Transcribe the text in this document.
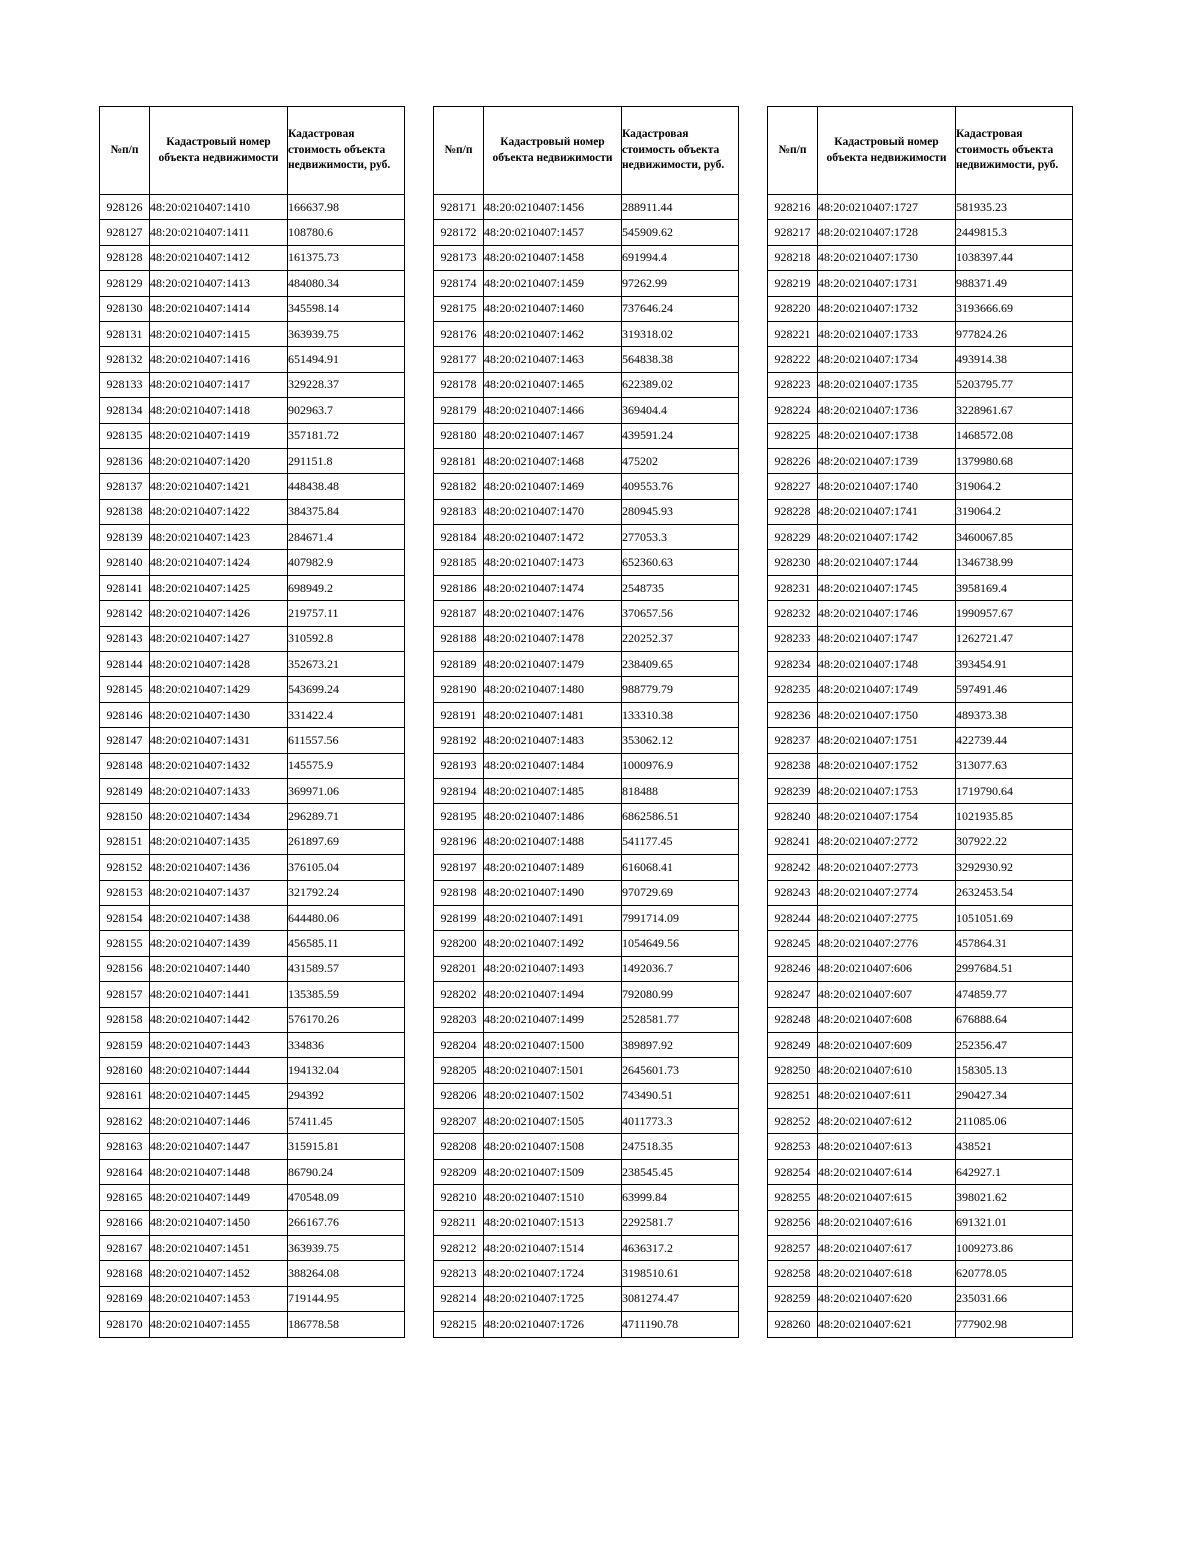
№п/п	Кадастровый номер объекта недвижимости	Кадастровая стоимость объекта недвижимости, руб.
928126	48:20:0210407:1410	166637.98
928127	48:20:0210407:1411	108780.6
928128	48:20:0210407:1412	161375.73
928129	48:20:0210407:1413	484080.34
928130	48:20:0210407:1414	345598.14
928131	48:20:0210407:1415	363939.75
928132	48:20:0210407:1416	651494.91
928133	48:20:0210407:1417	329228.37
928134	48:20:0210407:1418	902963.7
928135	48:20:0210407:1419	357181.72
928136	48:20:0210407:1420	291151.8
928137	48:20:0210407:1421	448438.48
928138	48:20:0210407:1422	384375.84
928139	48:20:0210407:1423	284671.4
928140	48:20:0210407:1424	407982.9
928141	48:20:0210407:1425	698949.2
928142	48:20:0210407:1426	219757.11
928143	48:20:0210407:1427	310592.8
928144	48:20:0210407:1428	352673.21
928145	48:20:0210407:1429	543699.24
928146	48:20:0210407:1430	331422.4
928147	48:20:0210407:1431	611557.56
928148	48:20:0210407:1432	145575.9
928149	48:20:0210407:1433	369971.06
928150	48:20:0210407:1434	296289.71
928151	48:20:0210407:1435	261897.69
928152	48:20:0210407:1436	376105.04
928153	48:20:0210407:1437	321792.24
928154	48:20:0210407:1438	644480.06
928155	48:20:0210407:1439	456585.11
928156	48:20:0210407:1440	431589.57
928157	48:20:0210407:1441	135385.59
928158	48:20:0210407:1442	576170.26
928159	48:20:0210407:1443	334836
928160	48:20:0210407:1444	194132.04
928161	48:20:0210407:1445	294392
928162	48:20:0210407:1446	57411.45
928163	48:20:0210407:1447	315915.81
928164	48:20:0210407:1448	86790.24
928165	48:20:0210407:1449	470548.09
928166	48:20:0210407:1450	266167.76
928167	48:20:0210407:1451	363939.75
928168	48:20:0210407:1452	388264.08
928169	48:20:0210407:1453	719144.95
928170	48:20:0210407:1455	186778.58
№п/п	Кадастровый номер объекта недвижимости	Кадастровая стоимость объекта недвижимости, руб.
928171	48:20:0210407:1456	288911.44
928172	48:20:0210407:1457	545909.62
928173	48:20:0210407:1458	691994.4
928174	48:20:0210407:1459	97262.99
928175	48:20:0210407:1460	737646.24
928176	48:20:0210407:1462	319318.02
928177	48:20:0210407:1463	564838.38
928178	48:20:0210407:1465	622389.02
928179	48:20:0210407:1466	369404.4
928180	48:20:0210407:1467	439591.24
928181	48:20:0210407:1468	475202
928182	48:20:0210407:1469	409553.76
928183	48:20:0210407:1470	280945.93
928184	48:20:0210407:1472	277053.3
928185	48:20:0210407:1473	652360.63
928186	48:20:0210407:1474	2548735
928187	48:20:0210407:1476	370657.56
928188	48:20:0210407:1478	220252.37
928189	48:20:0210407:1479	238409.65
928190	48:20:0210407:1480	988779.79
928191	48:20:0210407:1481	133310.38
928192	48:20:0210407:1483	353062.12
928193	48:20:0210407:1484	1000976.9
928194	48:20:0210407:1485	818488
928195	48:20:0210407:1486	6862586.51
928196	48:20:0210407:1488	541177.45
928197	48:20:0210407:1489	616068.41
928198	48:20:0210407:1490	970729.69
928199	48:20:0210407:1491	7991714.09
928200	48:20:0210407:1492	1054649.56
928201	48:20:0210407:1493	1492036.7
928202	48:20:0210407:1494	792080.99
928203	48:20:0210407:1499	2528581.77
928204	48:20:0210407:1500	389897.92
928205	48:20:0210407:1501	2645601.73
928206	48:20:0210407:1502	743490.51
928207	48:20:0210407:1505	4011773.3
928208	48:20:0210407:1508	247518.35
928209	48:20:0210407:1509	238545.45
928210	48:20:0210407:1510	63999.84
928211	48:20:0210407:1513	2292581.7
928212	48:20:0210407:1514	4636317.2
928213	48:20:0210407:1724	3198510.61
928214	48:20:0210407:1725	3081274.47
928215	48:20:0210407:1726	4711190.78
№п/п	Кадастровый номер объекта недвижимости	Кадастровая стоимость объекта недвижимости, руб.
928216	48:20:0210407:1727	581935.23
928217	48:20:0210407:1728	2449815.3
928218	48:20:0210407:1730	1038397.44
928219	48:20:0210407:1731	988371.49
928220	48:20:0210407:1732	3193666.69
928221	48:20:0210407:1733	977824.26
928222	48:20:0210407:1734	493914.38
928223	48:20:0210407:1735	5203795.77
928224	48:20:0210407:1736	3228961.67
928225	48:20:0210407:1738	1468572.08
928226	48:20:0210407:1739	1379980.68
928227	48:20:0210407:1740	319064.2
928228	48:20:0210407:1741	319064.2
928229	48:20:0210407:1742	3460067.85
928230	48:20:0210407:1744	1346738.99
928231	48:20:0210407:1745	3958169.4
928232	48:20:0210407:1746	1990957.67
928233	48:20:0210407:1747	1262721.47
928234	48:20:0210407:1748	393454.91
928235	48:20:0210407:1749	597491.46
928236	48:20:0210407:1750	489373.38
928237	48:20:0210407:1751	422739.44
928238	48:20:0210407:1752	313077.63
928239	48:20:0210407:1753	1719790.64
928240	48:20:0210407:1754	1021935.85
928241	48:20:0210407:2772	307922.22
928242	48:20:0210407:2773	3292930.92
928243	48:20:0210407:2774	2632453.54
928244	48:20:0210407:2775	1051051.69
928245	48:20:0210407:2776	457864.31
928246	48:20:0210407:606	2997684.51
928247	48:20:0210407:607	474859.77
928248	48:20:0210407:608	676888.64
928249	48:20:0210407:609	252356.47
928250	48:20:0210407:610	158305.13
928251	48:20:0210407:611	290427.34
928252	48:20:0210407:612	211085.06
928253	48:20:0210407:613	438521
928254	48:20:0210407:614	642927.1
928255	48:20:0210407:615	398021.62
928256	48:20:0210407:616	691321.01
928257	48:20:0210407:617	1009273.86
928258	48:20:0210407:618	620778.05
928259	48:20:0210407:620	235031.66
928260	48:20:0210407:621	777902.98
